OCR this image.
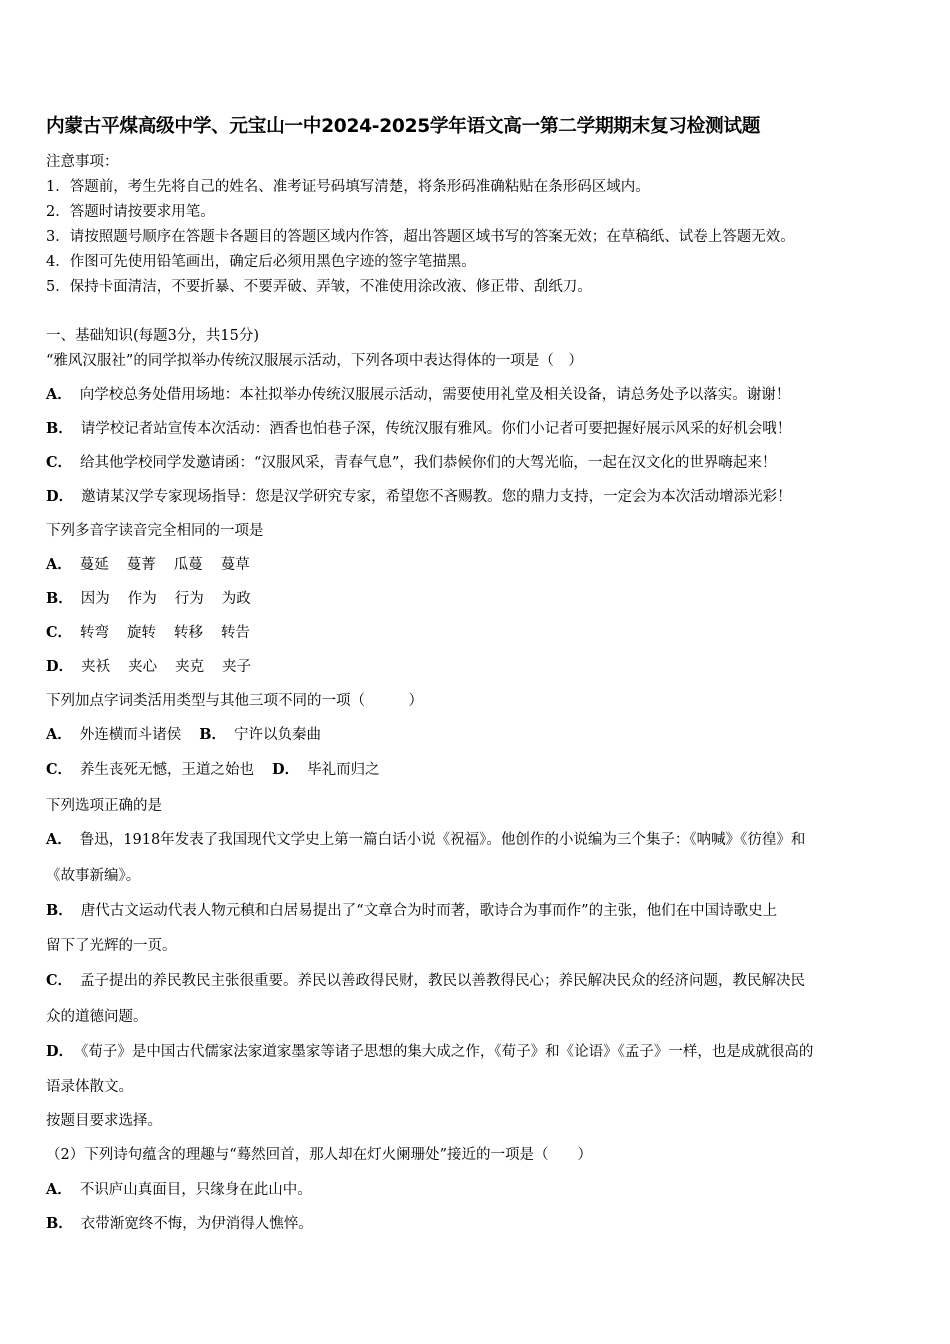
内蒙古平煤高级中学、元宝山一中2024-2025学年语文高一第二学期期末复习检测试题
注意事项：
1．答题前，考生先将自己的姓名、准考证号码填写清楚，将条形码准确粘贴在条形码区域内。
2．答题时请按要求用笔。
3．请按照题号顺序在答题卡各题目的答题区域内作答，超出答题区域书写的答案无效；在草稿纸、试卷上答题无效。
4．作图可先使用铅笔画出，确定后必须用黑色字迹的签字笔描黑。
5．保持卡面清洁，不要折暴、不要弄破、弄皱，不准使用涂改液、修正带、刮纸刀。
一、基础知识(每题3分，共15分)
“雅风汉服社”的同学拟举办传统汉服展示活动，下列各项中表达得体的一项是（　）
A． 向学校总务处借用场地：本社拟举办传统汉服展示活动，需要使用礼堂及相关设备，请总务处予以落实。谢谢！
B． 请学校记者站宣传本次活动：酒香也怕巷子深，传统汉服有雅风。你们小记者可要把握好展示风采的好机会哦！
C． 给其他学校同学发邀请函：“汉服风采，青春气息”，我们恭候你们的大驾光临，一起在汉文化的世界嗨起来！
D． 邀请某汉学专家现场指导：您是汉学研究专家，希望您不吝赐教。您的鼎力支持，一定会为本次活动增添光彩！
下列多音字读音完全相同的一项是
A． 蔓延 蔓菁 瓜蔓 蔓草
B． 因为 作为 行为 为政
C． 转弯 旋转 转移 转告
D． 夹袄 夹心 夹克 夹子
下列加点字词类活用类型与其他三项不同的一项（　　　）
A． 外连横而斗诸侯 B． 宁许以负秦曲
C． 养生丧死无憾，王道之始也 D． 毕礼而归之
下列选项正确的是
A． 鲁迅，1918年发表了我国现代文学史上第一篇白话小说《祝福》。他创作的小说编为三个集子：《呐喊》《彷徨》和
《故事新编》。
B． 唐代古文运动代表人物元稹和白居易提出了“文章合为时而著，歌诗合为事而作”的主张，他们在中国诗歌史上
留下了光辉的一页。
C． 孟子提出的养民教民主张很重要。养民以善政得民财，教民以善教得民心；养民解决民众的经济问题，教民解决民
众的道德问题。
D． 《荀子》是中国古代儒家法家道家墨家等诸子思想的集大成之作，《荀子》和《论语》《孟子》一样，也是成就很高的
语录体散文。
按题目要求选择。
（2）下列诗句蕴含的理趣与“蓦然回首，那人却在灯火阑珊处”接近的一项是（　　）
A． 不识庐山真面目，只缘身在此山中。
B． 衣带渐宽终不悔，为伊消得人憔悴。
